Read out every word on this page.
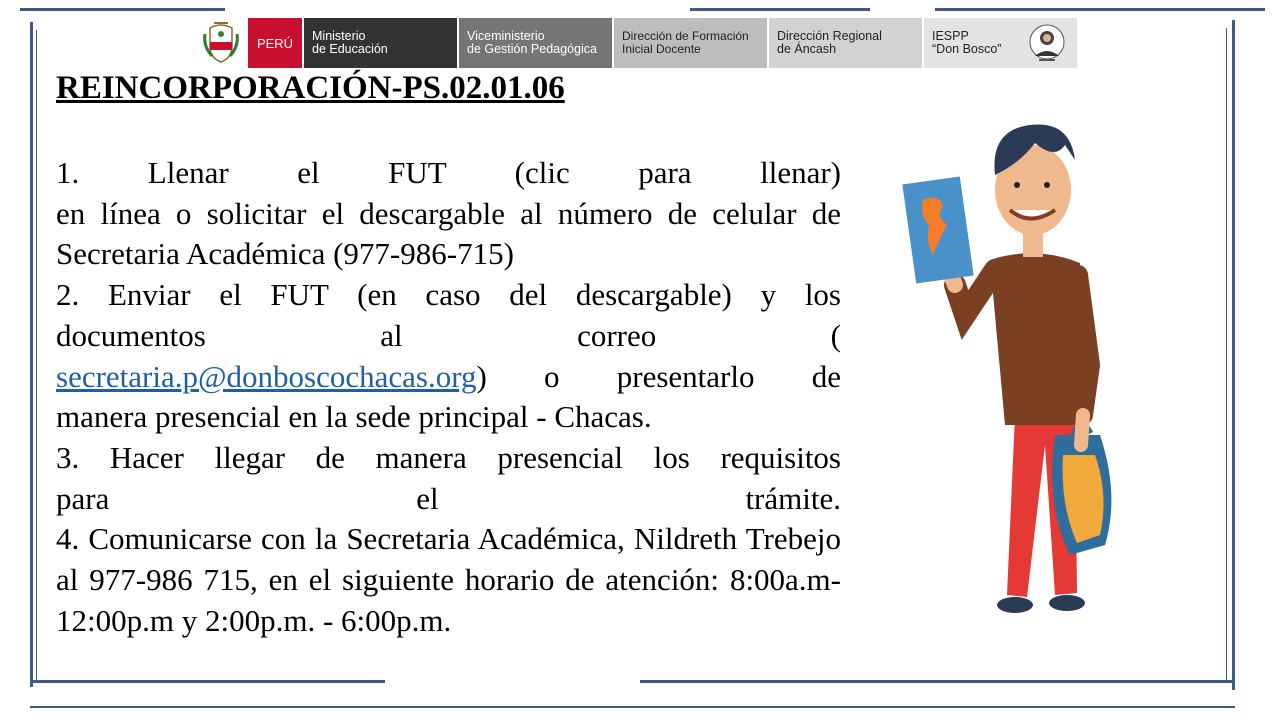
PERÚ	Ministerio
de Educación
Viceministerio
de Gestión Pedagógica
Dirección de Formación
Inicial Docente
Dirección Regional
de Áncash
IESPP
“Don Bosco”
REINCORPORACIÓN-PS.02.01.06

1. Llenar el FUT (clic para llenar)

en línea o solicitar el descargable al número de celular de Secretaria Académica (977-986-715)

2. Enviar el FUT (en caso del descargable) y los

documentos al correo (

secretaria.p@donboscochacas.org) o presentarlo de

manera presencial en la sede principal - Chacas.

3. Hacer llegar de manera presencial los requisitos

para el trámite.

4. Comunicarse con la Secretaria Académica, Nildreth Trebejo al 977-986 715, en el siguiente horario de atención: 8:00a.m-12:00p.m y 2:00p.m. - 6:00p.m.
